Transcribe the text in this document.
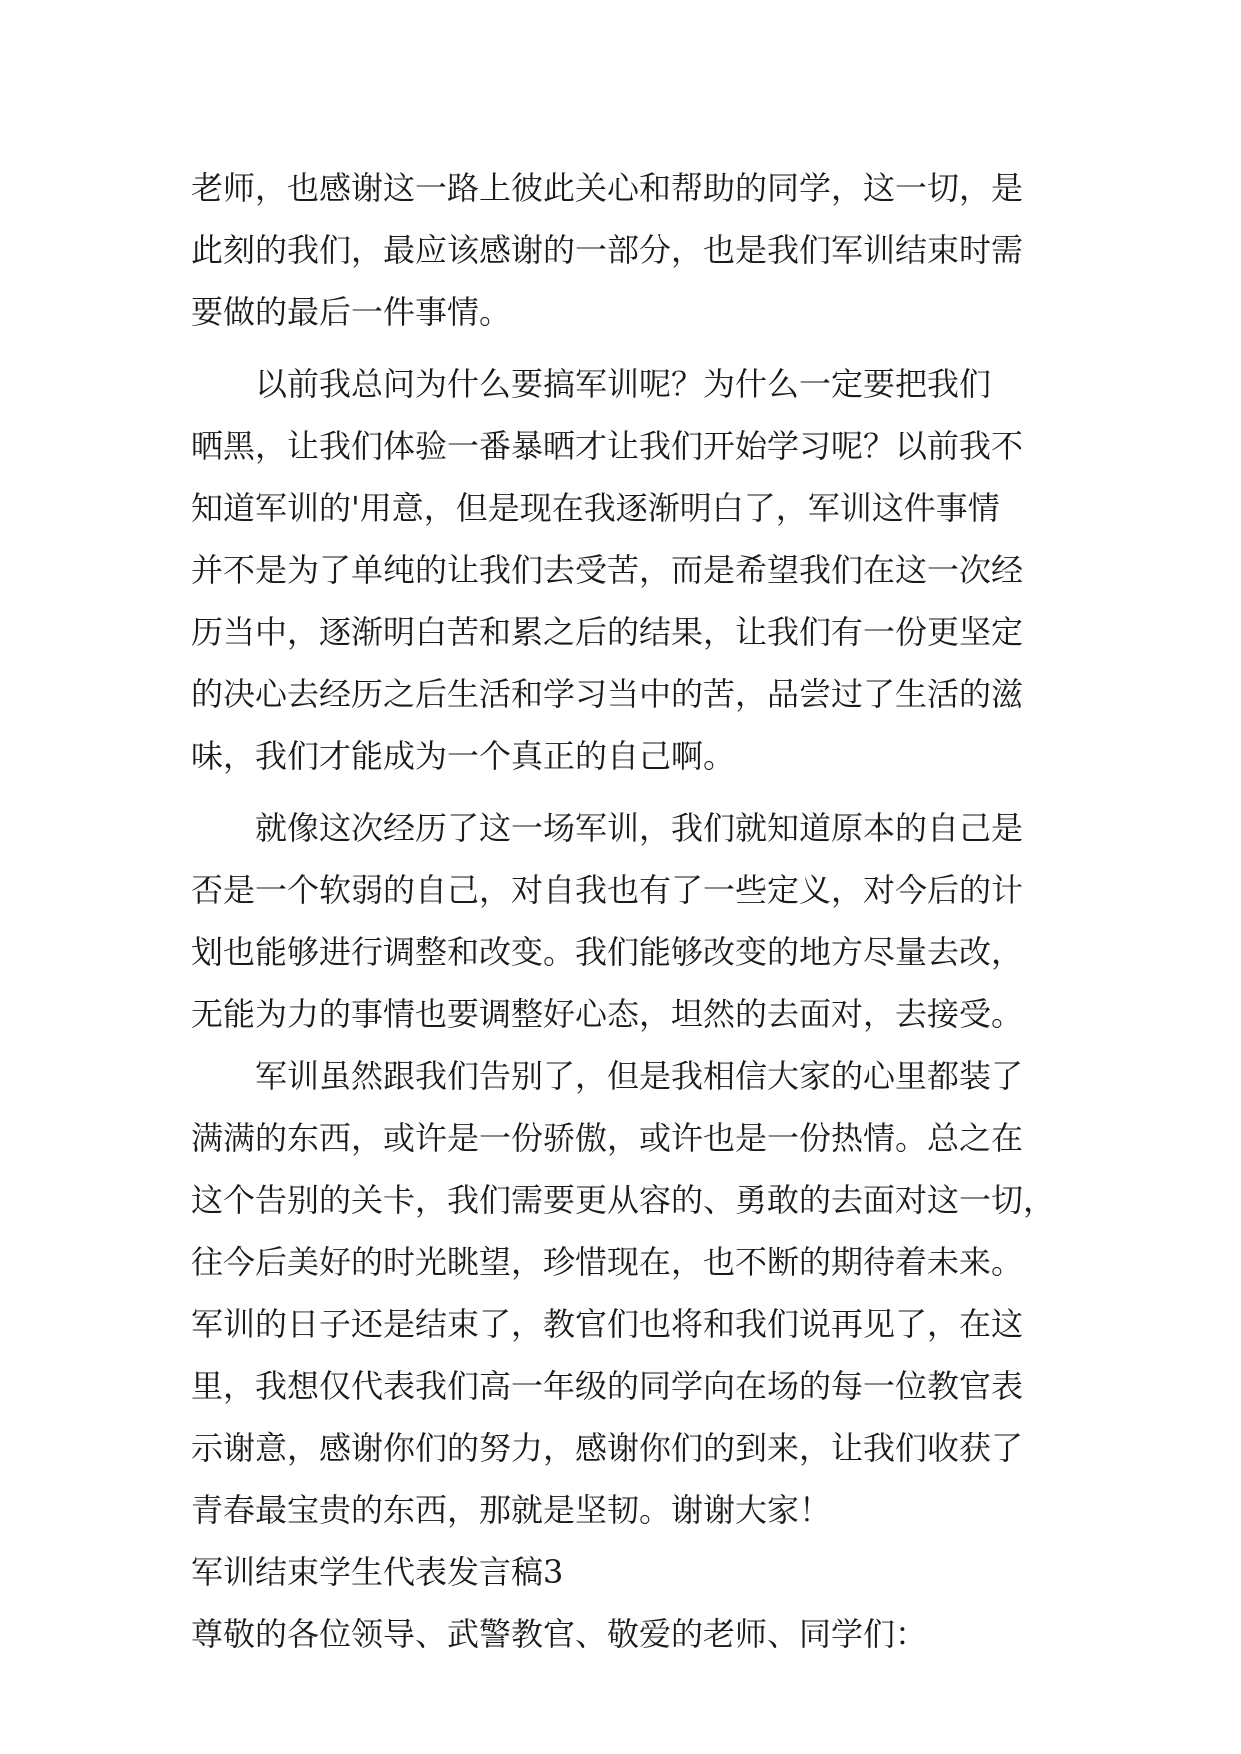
老师，也感谢这一路上彼此关心和帮助的同学，这一切，是
此刻的我们，最应该感谢的一部分，也是我们军训结束时需
要做的最后一件事情。
以前我总问为什么要搞军训呢？为什么一定要把我们
晒黑，让我们体验一番暴晒才让我们开始学习呢？以前我不
知道军训的'用意，但是现在我逐渐明白了，军训这件事情
并不是为了单纯的让我们去受苦，而是希望我们在这一次经
历当中，逐渐明白苦和累之后的结果，让我们有一份更坚定
的决心去经历之后生活和学习当中的苦，品尝过了生活的滋
味，我们才能成为一个真正的自己啊。
就像这次经历了这一场军训，我们就知道原本的自己是
否是一个软弱的自己，对自我也有了一些定义，对今后的计
划也能够进行调整和改变。我们能够改变的地方尽量去改，
无能为力的事情也要调整好心态，坦然的去面对，去接受。
军训虽然跟我们告别了，但是我相信大家的心里都装了
满满的东西，或许是一份骄傲，或许也是一份热情。总之在
这个告别的关卡，我们需要更从容的、勇敢的去面对这一切，
往今后美好的时光眺望，珍惜现在，也不断的期待着未来。
军训的日子还是结束了，教官们也将和我们说再见了，在这
里，我想仅代表我们高一年级的同学向在场的每一位教官表
示谢意，感谢你们的努力，感谢你们的到来，让我们收获了
青春最宝贵的东西，那就是坚韧。谢谢大家！
军训结束学生代表发言稿3
尊敬的各位领导、武警教官、敬爱的老师、同学们：
